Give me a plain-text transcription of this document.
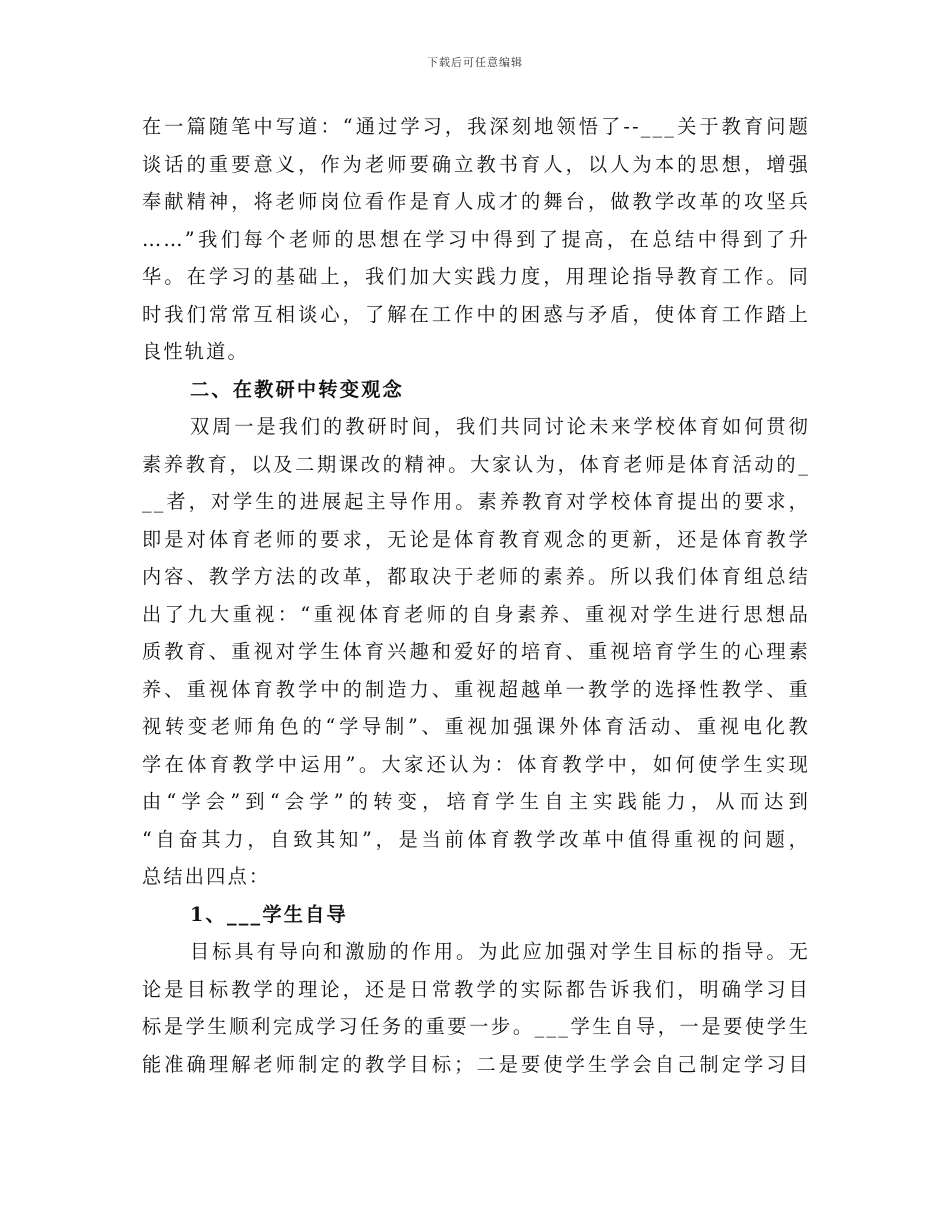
下载后可任意编辑
在一篇随笔中写道：“通过学习，我深刻地领悟了--___关于教育问题
谈话的重要意义，作为老师要确立教书育人，以人为本的思想，增强
奉献精神，将老师岗位看作是育人成才的舞台，做教学改革的攻坚兵
……”我们每个老师的思想在学习中得到了提高，在总结中得到了升
华。在学习的基础上，我们加大实践力度，用理论指导教育工作。同
时我们常常互相谈心，了解在工作中的困惑与矛盾，使体育工作踏上
良性轨道。
二、在教研中转变观念
双周一是我们的教研时间，我们共同讨论未来学校体育如何贯彻
素养教育，以及二期课改的精神。大家认为，体育老师是体育活动的_
__者，对学生的进展起主导作用。素养教育对学校体育提出的要求，
即是对体育老师的要求，无论是体育教育观念的更新，还是体育教学
内容、教学方法的改革，都取决于老师的素养。所以我们体育组总结
出了九大重视：“重视体育老师的自身素养、重视对学生进行思想品
质教育、重视对学生体育兴趣和爱好的培育、重视培育学生的心理素
养、重视体育教学中的制造力、重视超越单一教学的选择性教学、重
视转变老师角色的“学导制”、重视加强课外体育活动、重视电化教
学在体育教学中运用”。大家还认为：体育教学中，如何使学生实现
由“学会”到“会学”的转变，培育学生自主实践能力，从而达到
“自奋其力，自致其知”，是当前体育教学改革中值得重视的问题，
总结出四点：
1、___学生自导
目标具有导向和激励的作用。为此应加强对学生目标的指导。无
论是目标教学的理论，还是日常教学的实际都告诉我们，明确学习目
标是学生顺利完成学习任务的重要一步。___学生自导，一是要使学生
能准确理解老师制定的教学目标；二是要使学生学会自己制定学习目
